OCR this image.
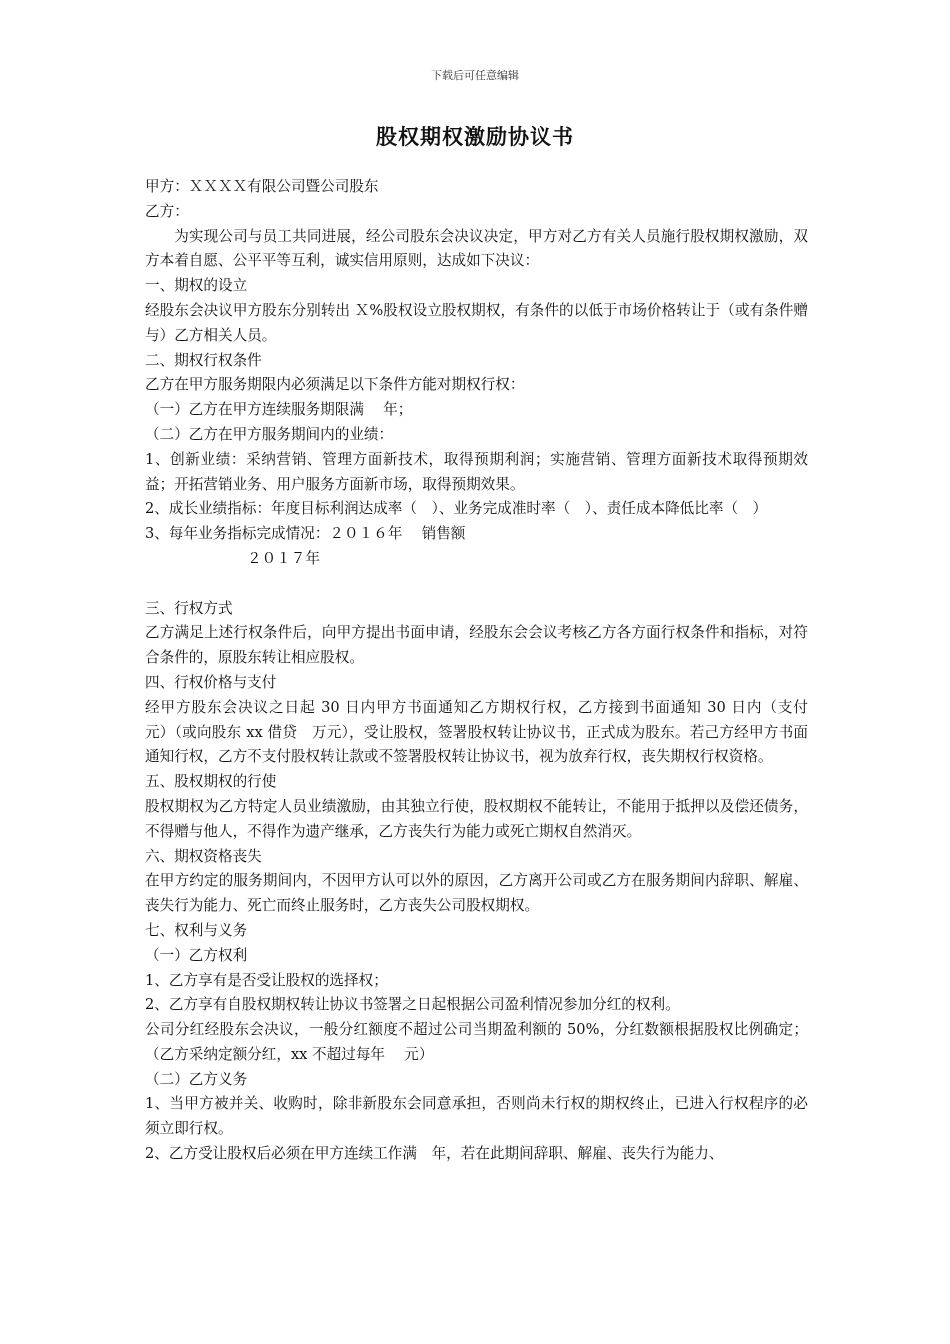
下载后可任意编辑
股权期权激励协议书

甲方：ＸＸＸＸ有限公司暨公司股东

乙方：

为实现公司与员工共同进展，经公司股东会决议决定，甲方对乙方有关人员施行股权期权激励，双方本着自愿、公平平等互利，诚实信用原则，达成如下决议：

一、期权的设立

经股东会决议甲方股东分别转出 Ｘ%股权设立股权期权，有条件的以低于市场价格转让于（或有条件赠与）乙方相关人员。

二、期权行权条件

乙方在甲方服务期限内必须满足以下条件方能对期权行权：

（一）乙方在甲方连续服务期限满　 年；

（二）乙方在甲方服务期间内的业绩：

1、创新业绩：采纳营销、管理方面新技术，取得预期利润；实施营销、管理方面新技术取得预期效益；开拓营销业务、用户服务方面新市场，取得预期效果。

2、成长业绩指标：年度目标利润达成率（　）、业务完成准时率（　）、责任成本降低比率（　）

3、每年业务指标完成情况：２０１６年　 销售额

２０１７年

三、行权方式

乙方满足上述行权条件后，向甲方提出书面申请，经股东会会议考核乙方各方面行权条件和指标，对符合条件的，原股东转让相应股权。

四、行权价格与支付

经甲方股东会决议之日起 30 日内甲方书面通知乙方期权行权，乙方接到书面通知 30 日内（支付　　元）（或向股东 xx 借贷　万元），受让股权，签署股权转让协议书，正式成为股东。若己方经甲方书面通知行权，乙方不支付股权转让款或不签署股权转让协议书，视为放弃行权，丧失期权行权资格。

五、股权期权的行使

股权期权为乙方特定人员业绩激励，由其独立行使，股权期权不能转让，不能用于抵押以及偿还债务，不得赠与他人，不得作为遗产继承，乙方丧失行为能力或死亡期权自然消灭。

六、期权资格丧失

在甲方约定的服务期间内，不因甲方认可以外的原因，乙方离开公司或乙方在服务期间内辞职、解雇、丧失行为能力、死亡而终止服务时，乙方丧失公司股权期权。

七、权利与义务

（一）乙方权利

1、乙方享有是否受让股权的选择权；

2、乙方享有自股权期权转让协议书签署之日起根据公司盈利情况参加分红的权利。

公司分红经股东会决议，一般分红额度不超过公司当期盈利额的 50%，分红数额根据股权比例确定；（乙方采纳定额分红，xx 不超过每年　 元）

（二）乙方义务

1、当甲方被并关、收购时，除非新股东会同意承担，否则尚未行权的期权终止，已进入行权程序的必须立即行权。

2、乙方受让股权后必须在甲方连续工作满　年，若在此期间辞职、解雇、丧失行为能力、
